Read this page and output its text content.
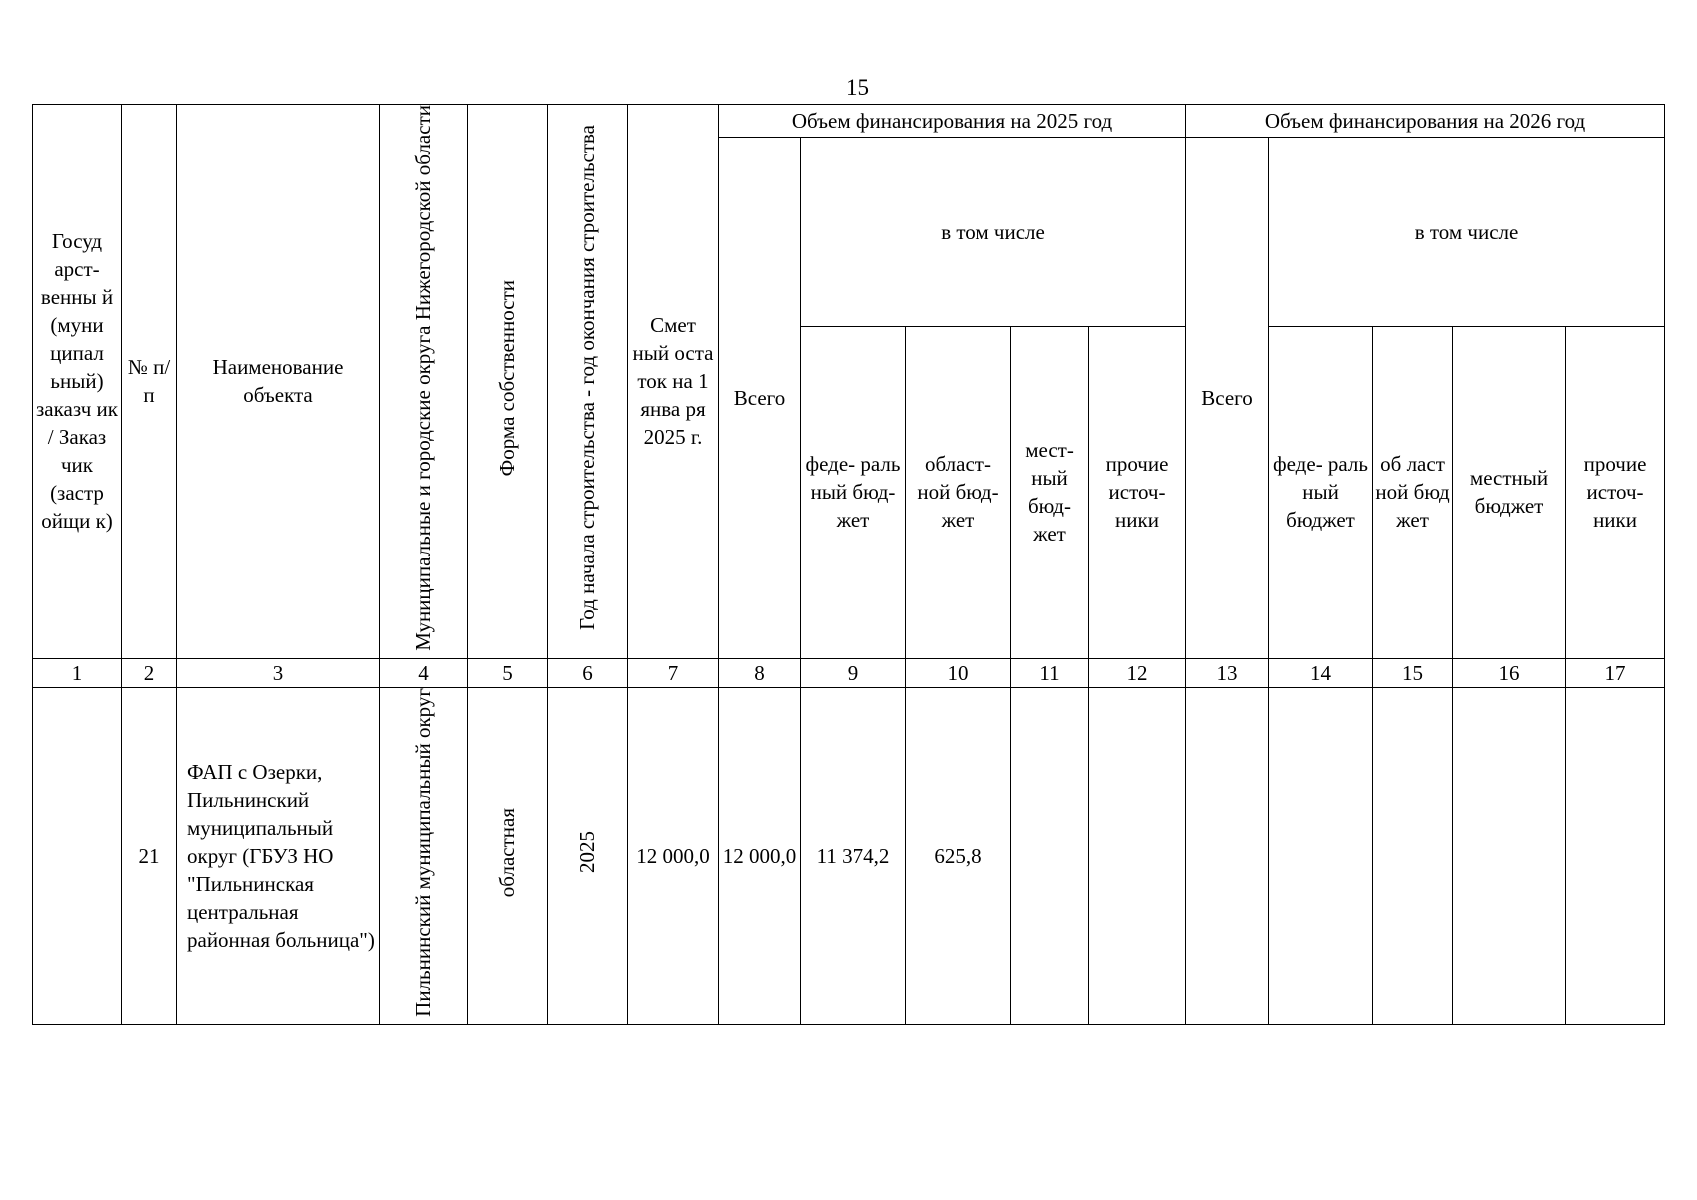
15
Госуд арст- венны й (муни ципал ьный) заказч ик / Заказ чик (застр ойщи к)	№ п/п	Наименование объекта	Муниципальные и городские округа Нижегородской области	Форма собственности	Год начала строительства - год окончания строительства	Смет ный оста ток на 1 янва ря 2025 г.	Объем финансирования на 2025 год					Объем финансирования на 2026 год				
							Всего	в том числе				Всего	в том числе			

								феде- раль ный бюд- жет	област- ной бюд- жет	мест- ный бюд- жет	прочие источ- ники		феде- раль ный бюджет	об ласт ной бюд жет	местный бюджет	прочие источ- ники

1	2	3	4	5	6	7	8	9	10	11	12	13	14	15	16	17
	21	ФАП с Озерки, Пильнинский муниципальный округ (ГБУЗ НО "Пильнинская центральная районная больница")	Пильнинский муниципальный округ	областная	2025	12 000,0	12 000,0	11 374,2	625,8							
